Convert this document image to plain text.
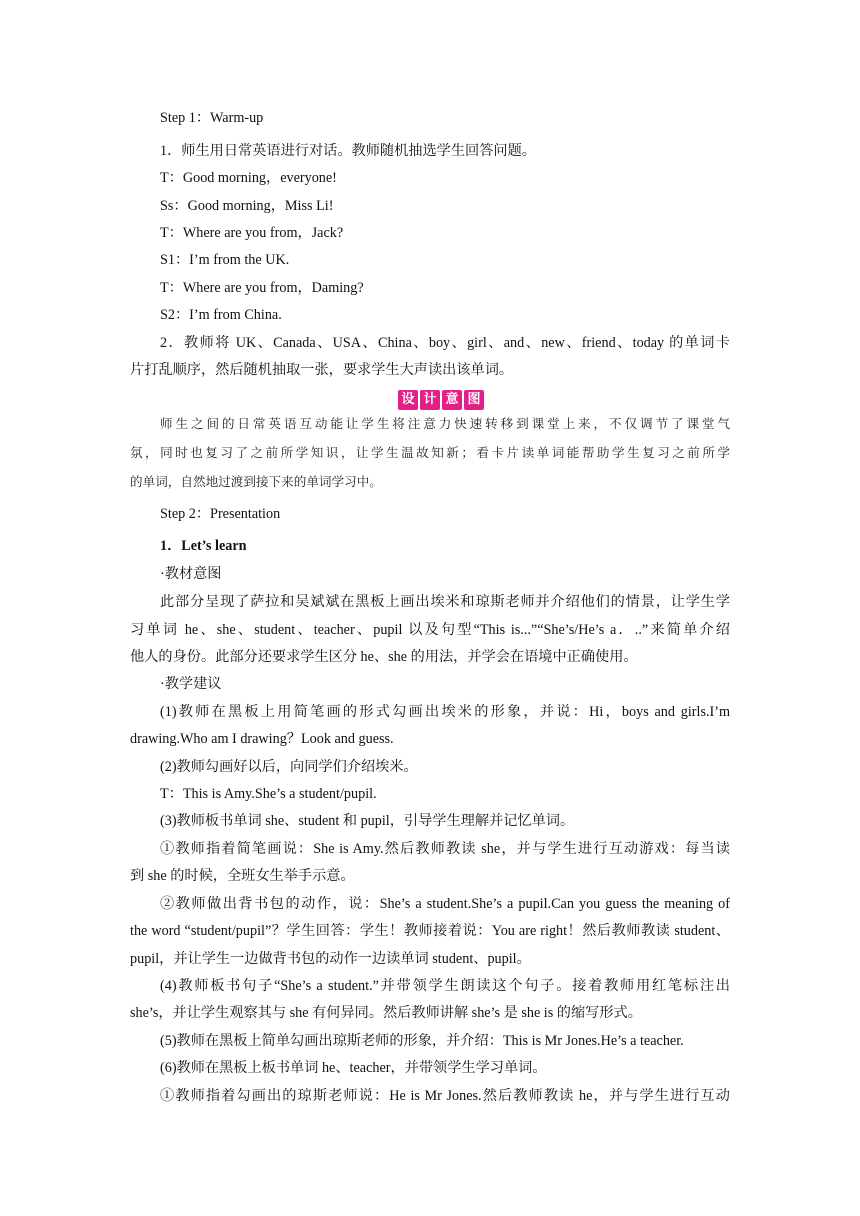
Step 1：Warm-up
1．师生用日常英语进行对话。教师随机抽选学生回答问题。
T：Good morning，everyone!
Ss：Good morning，Miss Li!
T：Where are you from，Jack?
S1：I’m from the UK.
T：Where are you from，Daming?
S2：I’m from China.
2．教师将 UK、Canada、USA、China、boy、girl、and、new、friend、today 的单词卡
片打乱顺序，然后随机抽取一张，要求学生大声读出该单词。
设 计 意 图
师生之间的日常英语互动能让学生将注意力快速转移到课堂上来，不仅调节了课堂气
氛，同时也复习了之前所学知识，让学生温故知新；看卡片读单词能帮助学生复习之前所学
的单词，自然地过渡到接下来的单词学习中。
Step 2：Presentation
1．Let’s learn
·教材意图
此部分呈现了萨拉和吴斌斌在黑板上画出埃米和琼斯老师并介绍他们的情景，让学生学
习单词 he、she、student、teacher、pupil 以及句型“This is...”“She’s/He’s a．..”来简单介绍
他人的身份。此部分还要求学生区分 he、she 的用法，并学会在语境中正确使用。
·教学建议
(1)教师在黑板上用简笔画的形式勾画出埃米的形象，并说：Hi，boys and girls.I’m
drawing.Who am I drawing？Look and guess.
(2)教师勾画好以后，向同学们介绍埃米。
T：This is Amy.She’s a student/pupil.
(3)教师板书单词 she、student 和 pupil，引导学生理解并记忆单词。
①教师指着简笔画说：She is Amy.然后教师教读 she，并与学生进行互动游戏：每当读
到 she 的时候，全班女生举手示意。
②教师做出背书包的动作，说：She’s a student.She’s a pupil.Can you guess the meaning of
the word “student/pupil”？学生回答：学生！教师接着说：You are right！然后教师教读 student、
pupil，并让学生一边做背书包的动作一边读单词 student、pupil。
(4)教师板书句子“She’s a student.”并带领学生朗读这个句子。接着教师用红笔标注出
she’s，并让学生观察其与 she 有何异同。然后教师讲解 she’s 是 she is 的缩写形式。
(5)教师在黑板上简单勾画出琼斯老师的形象，并介绍：This is Mr Jones.He’s a teacher.
(6)教师在黑板上板书单词 he、teacher，并带领学生学习单词。
①教师指着勾画出的琼斯老师说：He is Mr Jones.然后教师教读 he，并与学生进行互动
